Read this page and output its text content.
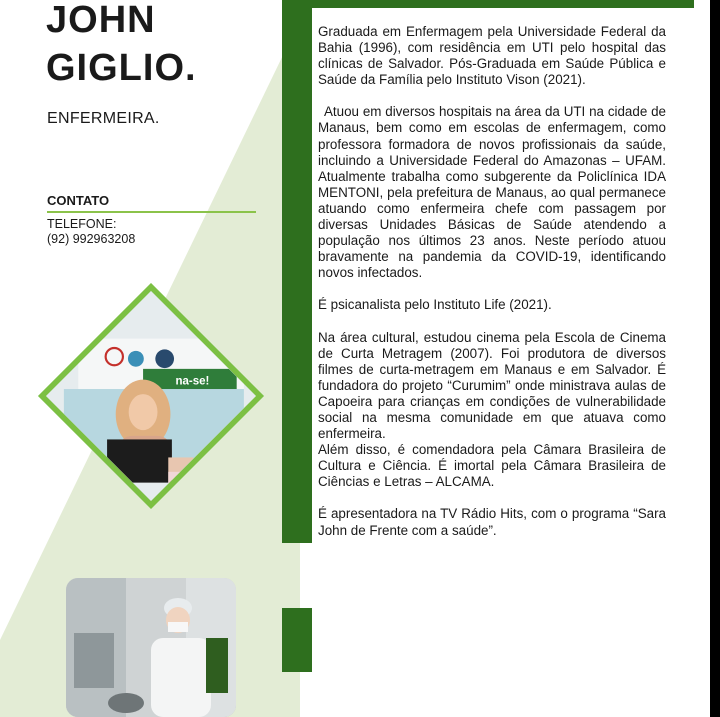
JOHN
GIGLIO.
ENFERMEIRA.
CONTATO
TELEFONE:
(92) 992963208
na-se!

Graduada em Enfermagem pela Universidade Federal da Bahia (1996), com residência em UTI pelo hospital das clínicas de Salvador. Pós-Graduada em Saúde Pública e Saúde da Família pelo Instituto Vison (2021).

Atuou em diversos hospitais na área da UTI na cidade de Manaus, bem como em escolas de enfermagem, como professora formadora de novos profissionais da saúde, incluindo a Universidade Federal do Amazonas – UFAM. Atualmente trabalha como subgerente da Policlínica IDA MENTONI, pela prefeitura de Manaus, ao qual permanece atuando como enfermeira chefe com passagem por diversas Unidades Básicas de Saúde atendendo a população nos últimos 23 anos. Neste período atuou bravamente na pandemia da COVID-19, identificando novos infectados.

É psicanalista pelo Instituto Life (2021).

Na área cultural, estudou cinema pela Escola de Cinema de Curta Metragem (2007). Foi produtora de diversos filmes de curta-metragem em Manaus e em Salvador. É fundadora do projeto “Curumim” onde ministrava aulas de Capoeira para crianças em condições de vulnerabilidade social na mesma comunidade em que atuava como enfermeira.

Além disso, é comendadora pela Câmara Brasileira de Cultura e Ciência. É imortal pela Câmara Brasileira de Ciências e Letras – ALCAMA.

É apresentadora na TV Rádio Hits, com o programa “Sara John de Frente com a saúde”.
